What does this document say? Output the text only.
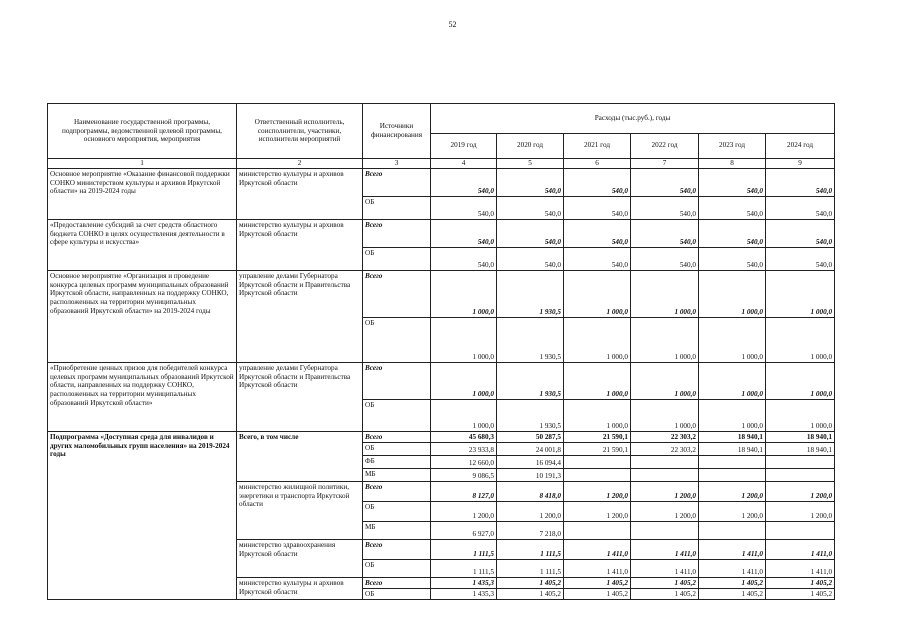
52
Наименование государственной программы, подпрограммы, ведомственной целевой программы, основного мероприятия, мероприятия	Ответственный исполнитель, соисполнители, участники, исполнители мероприятий	Источники финансирования	Расходы (тыс.руб.), годы					
			2019 год	2020 год	2021 год	2022 год	2023 год	2024 год
1	2	3	4	5	6	7	8	9
Основное мероприятие «Оказание финансовой поддержки СОНКО министерством культуры и архивов Иркутской области» на 2019-2024 годы	министерство культуры и архивов Иркутской области	Всего	540,0	540,0	540,0	540,0	540,0	540,0
		ОБ	540,0	540,0	540,0	540,0	540,0	540,0
«Предоставление субсидий за счет средств областного бюджета СОНКО в целях осуществления деятельности в сфере культуры и искусства»	министерство культуры и архивов Иркутской области	Всего	540,0	540,0	540,0	540,0	540,0	540,0
		ОБ	540,0	540,0	540,0	540,0	540,0	540,0
Основное мероприятие «Организация и проведение конкурса целевых программ муниципальных образований Иркутской области, направленных на поддержку СОНКО, расположенных на территории муниципальных образований Иркутской области» на 2019-2024 годы	управление делами Губернатора Иркутской области и Правительства Иркутской области	Всего	1 000,0	1 930,5	1 000,0	1 000,0	1 000,0	1 000,0
		ОБ	1 000,0	1 930,5	1 000,0	1 000,0	1 000,0	1 000,0
«Приобретение ценных призов для победителей конкурса целевых программ муниципальных образований Иркутской области, направленных на поддержку СОНКО, расположенных на территории муниципальных образований Иркутской области»	управление делами Губернатора Иркутской области и Правительства Иркутской области	Всего	1 000,0	1 930,5	1 000,0	1 000,0	1 000,0	1 000,0
		ОБ	1 000,0	1 930,5	1 000,0	1 000,0	1 000,0	1 000,0
Подпрограмма «Доступная среда для инвалидов и других маломобильных групп населения» на 2019-2024 годы	Всего, в том числе	Всего	45 680,3	50 287,5	21 590,1	22 303,2	18 940,1	18 940,1
		ОБ	23 933,8	24 001,8	21 590,1	22 303,2	18 940,1	18 940,1
		ФБ	12 660,0	16 094,4				
		МБ	9 086,5	10 191,3				
	министерство жилищной политики, энергетики и транспорта Иркутской области	Всего	8 127,0	8 418,0	1 200,0	1 200,0	1 200,0	1 200,0
		ОБ	1 200,0	1 200,0	1 200,0	1 200,0	1 200,0	1 200,0
		МБ	6 927,0	7 218,0				
	министерство здравоохранения Иркутской области	Всего	1 111,5	1 111,5	1 411,0	1 411,0	1 411,0	1 411,0
		ОБ	1 111,5	1 111,5	1 411,0	1 411,0	1 411,0	1 411,0
	министерство культуры и архивов Иркутской области	Всего	1 435,3	1 405,2	1 405,2	1 405,2	1 405,2	1 405,2
		ОБ	1 435,3	1 405,2	1 405,2	1 405,2	1 405,2	1 405,2
